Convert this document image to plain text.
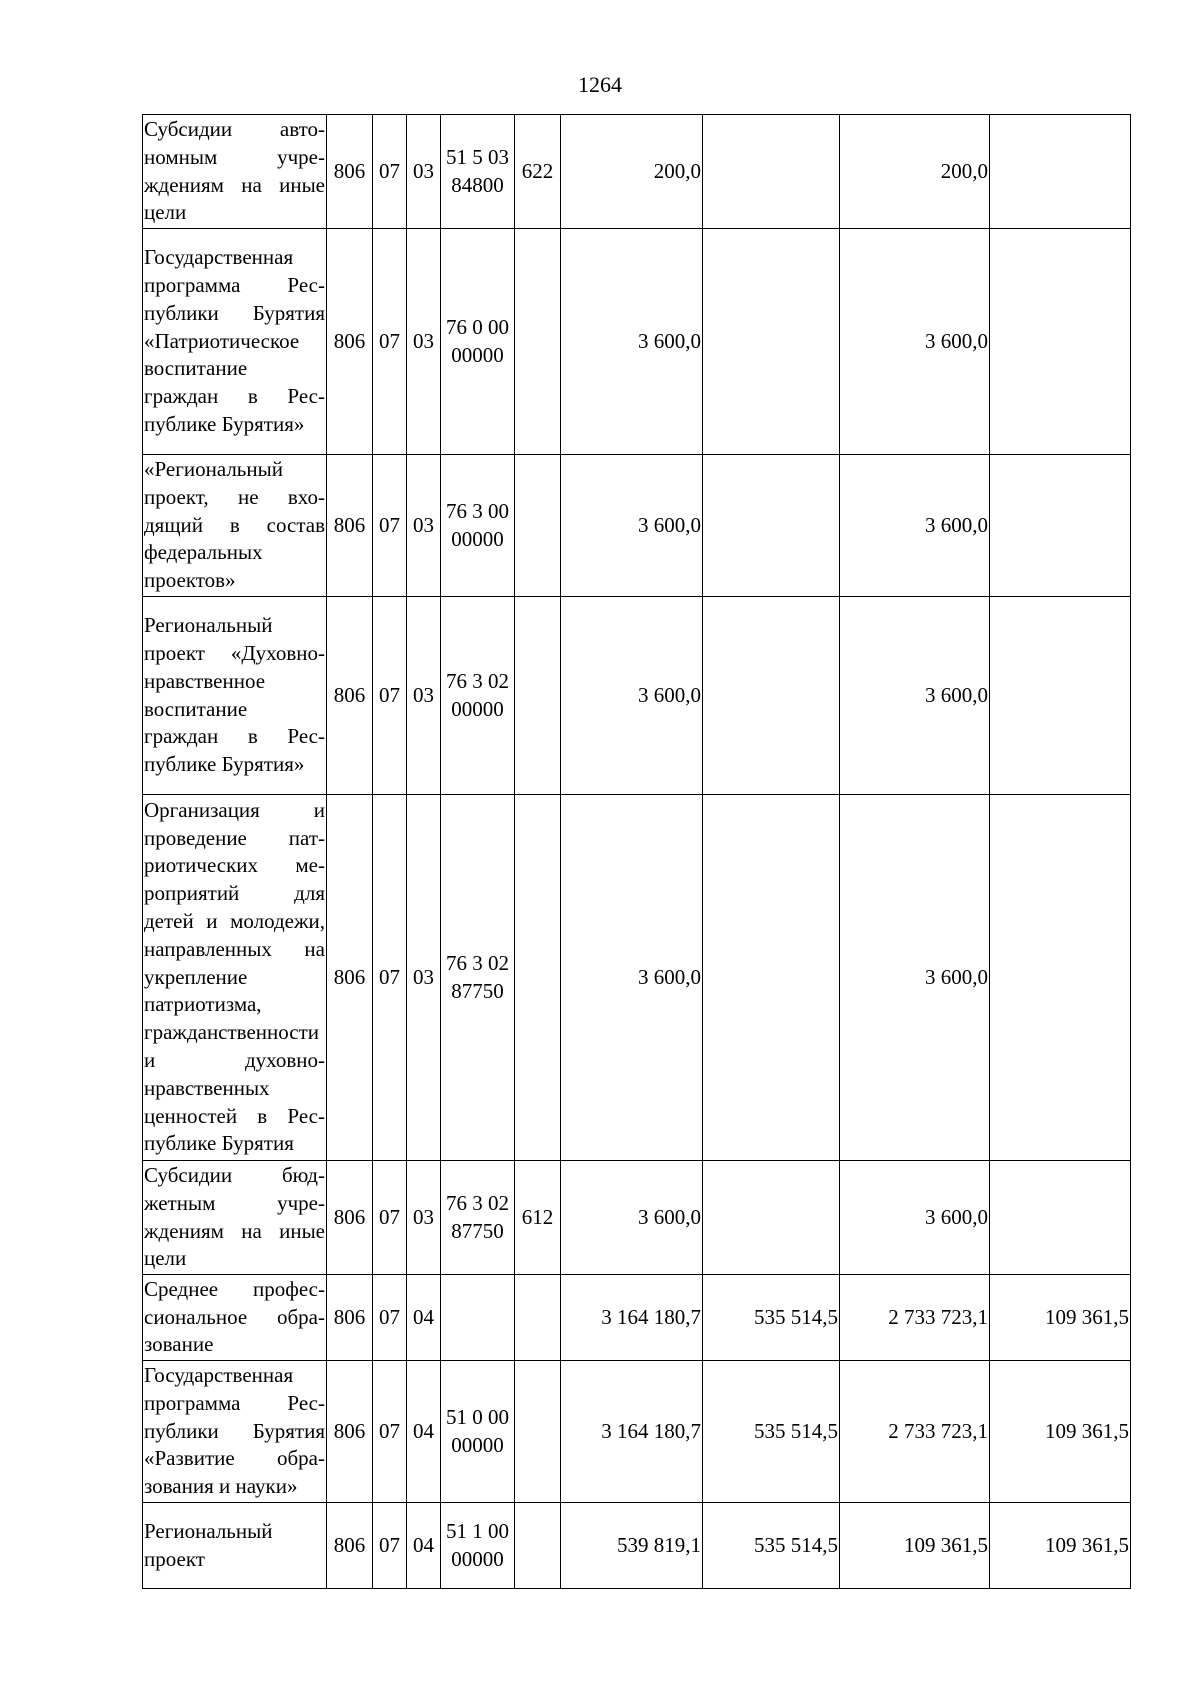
1264
Субсидии автономным учреждениям на иные цели	806	07	03	51 5 03 84800	622	200,0		200,0	
Государственная программа Республики Бурятия «Патриотическое воспитание граждан в Республике Бурятия»	806	07	03	76 0 00 00000		3 600,0		3 600,0	
«Региональный проект, не входящий в состав федеральных проектов»	806	07	03	76 3 00 00000		3 600,0		3 600,0	
Региональный проект «Духовно-нравственное воспитание граждан в Республике Бурятия»	806	07	03	76 3 02 00000		3 600,0		3 600,0	
Организация и проведение патриотических мероприятий для детей и молодежи, направленных на укрепление патриотизма, гражданственности и духовнонравственных ценностей в Республике Бурятия	806	07	03	76 3 02 87750		3 600,0		3 600,0	
Субсидии бюджетным учреждениям на иные цели	806	07	03	76 3 02 87750	612	3 600,0		3 600,0	
Среднее профессиональное образование	806	07	04			3 164 180,7	535 514,5	2 733 723,1	109 361,5
Государственная программа Республики Бурятия «Развитие образования и науки»	806	07	04	51 0 00 00000		3 164 180,7	535 514,5	2 733 723,1	109 361,5
Региональный проект	806	07	04	51 1 00 00000		539 819,1	535 514,5	109 361,5	109 361,5
